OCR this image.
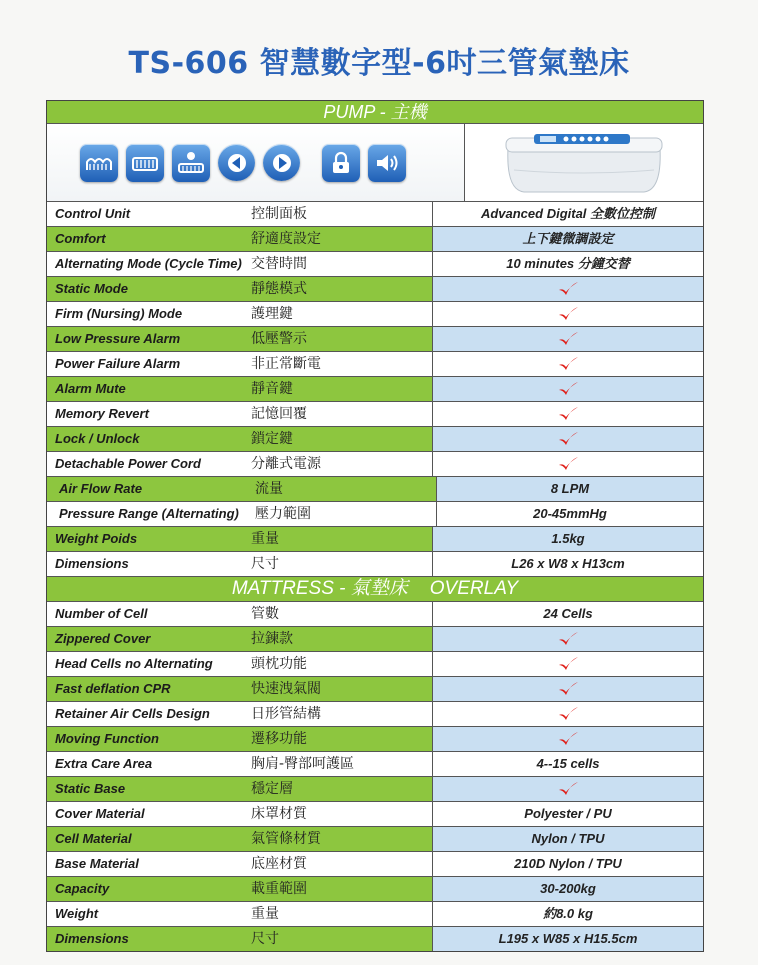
TS-606 智慧數字型-6吋三管氣墊床
PUMP - 主機
Control Unit	控制面板	Advanced Digital 全數位控制
Comfort	舒適度設定	上下鍵微調設定
Alternating Mode (Cycle Time) 交替時間	10 minutes 分鐘交替
Static Mode	靜態模式
Firm (Nursing) Mode	護理鍵
Low Pressure Alarm	低壓警示
Power Failure Alarm	非正常斷電
Alarm Mute	靜音鍵
Memory Revert	記憶回覆
Lock / Unlock	鎖定鍵
Detachable Power Cord	分離式電源
Air Flow Rate	流量	8 LPM
Pressure Range (Alternating)	壓力範圍	20-45mmHg
Weight Poids	重量	1.5kg
Dimensions	尺寸	L26 x W8 x H13cm
MATTRESS - 氣墊床 OVERLAY
Number of Cell	管數	24 Cells
Zippered Cover	拉鍊款
Head Cells no Alternating	頭枕功能
Fast deflation CPR	快速洩氣閥
Retainer Air Cells Design	日形管結構
Moving Function	遷移功能
Extra Care Area	胸肩-臀部呵護區	4--15 cells
Static Base	穩定層
Cover Material	床罩材質	Polyester / PU
Cell Material	氣管條材質	Nylon / TPU
Base Material	底座材質	210D Nylon / TPU
Capacity	載重範圍	30-200kg
Weight	重量	約8.0 kg
Dimensions	尺寸	L195 x W85 x H15.5cm
